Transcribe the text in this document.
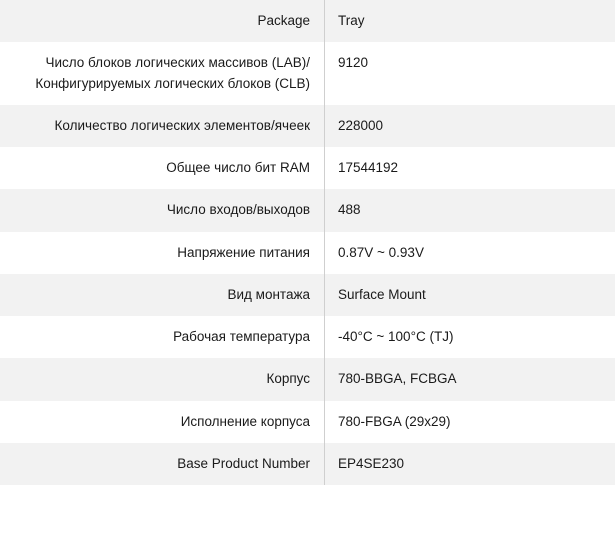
Package	Tray
Число блоков логических массивов (LAB)/ Конфигурируемых логических блоков (CLB)	9120
Количество логических элементов/ячеек	228000
Общее число бит RAM	17544192
Число входов/выходов	488
Напряжение питания	0.87V ~ 0.93V
Вид монтажа	Surface Mount
Рабочая температура	-40°C ~ 100°C (TJ)
Корпус	780-BBGA, FCBGA
Исполнение корпуса	780-FBGA (29x29)
Base Product Number	EP4SE230
